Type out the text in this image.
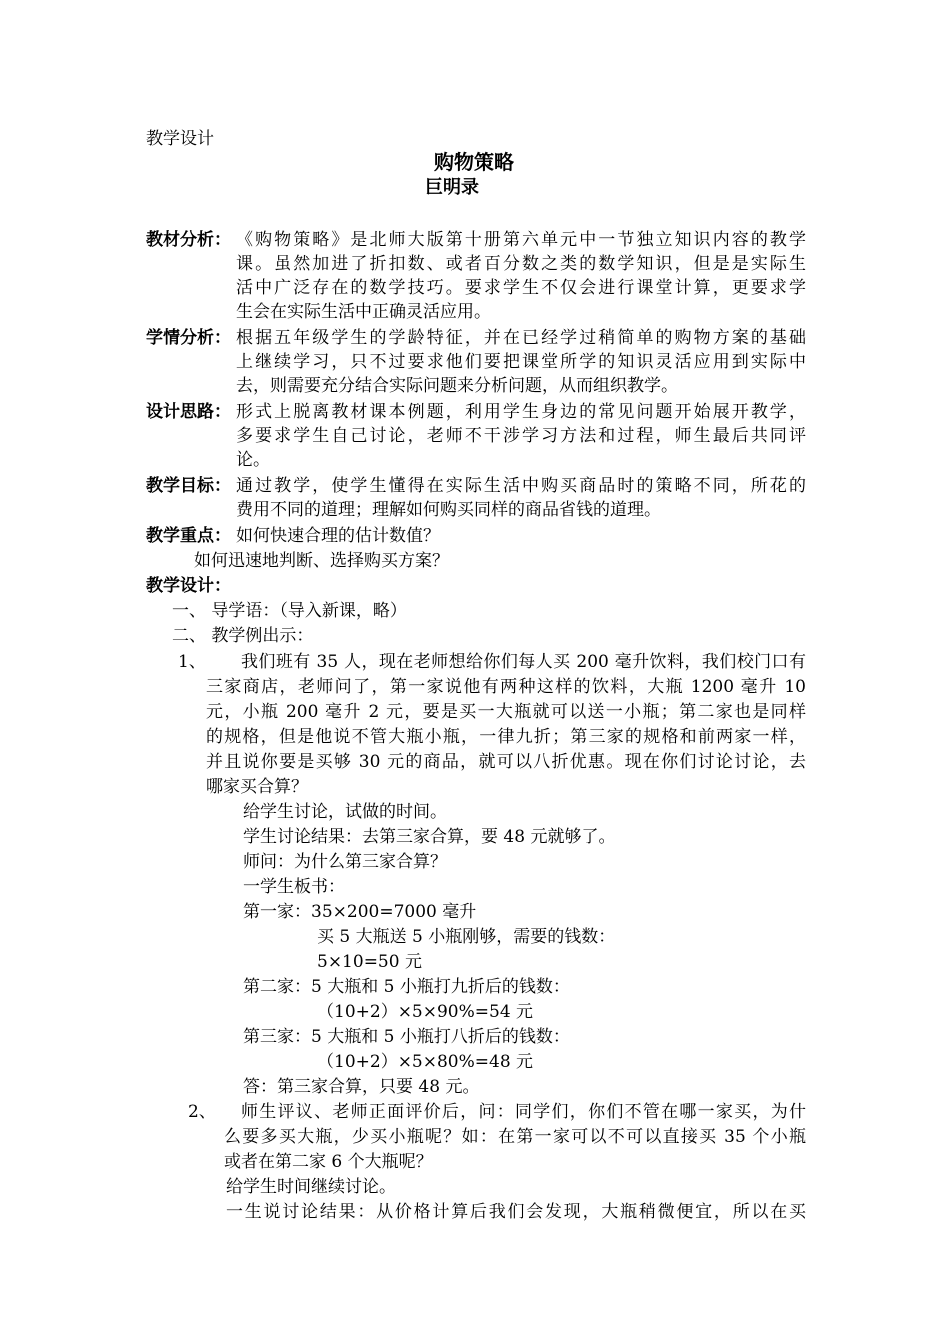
教学设计
购物策略
巨明录
教材分析： 《购物策略》是北师大版第十册第六单元中一节独立知识内容的教学
课。虽然加进了折扣数、或者百分数之类的数学知识，但是是实际生
活中广泛存在的数学技巧。要求学生不仅会进行课堂计算，更要求学
生会在实际生活中正确灵活应用。
学情分析： 根据五年级学生的学龄特征，并在已经学过稍简单的购物方案的基础
上继续学习，只不过要求他们要把课堂所学的知识灵活应用到实际中
去，则需要充分结合实际问题来分析问题，从而组织教学。
设计思路： 形式上脱离教材课本例题，利用学生身边的常见问题开始展开教学，
多要求学生自己讨论，老师不干涉学习方法和过程，师生最后共同评
论。
教学目标： 通过教学，使学生懂得在实际生活中购买商品时的策略不同，所花的
费用不同的道理；理解如何购买同样的商品省钱的道理。
教学重点： 如何快速合理的估计数值？
如何迅速地判断、选择购买方案？
教学设计：
一、 导学语：（导入新课，略）
二、 教学例出示：
1、 我们班有 35 人，现在老师想给你们每人买 200 毫升饮料，我们校门口有
三家商店，老师问了，第一家说他有两种这样的饮料，大瓶 1200 毫升 10
元，小瓶 200 毫升 2 元，要是买一大瓶就可以送一小瓶；第二家也是同样
的规格，但是他说不管大瓶小瓶，一律九折；第三家的规格和前两家一样，
并且说你要是买够 30 元的商品，就可以八折优惠。现在你们讨论讨论，去
哪家买合算？
给学生讨论，试做的时间。
学生讨论结果：去第三家合算，要 48 元就够了。
师问：为什么第三家合算？
一学生板书：
第一家：35×200=7000 毫升
买 5 大瓶送 5 小瓶刚够，需要的钱数：
5×10=50 元
第二家：5 大瓶和 5 小瓶打九折后的钱数：
（10+2）×5×90%=54 元
第三家：5 大瓶和 5 小瓶打八折后的钱数：
（10+2）×5×80%=48 元
答：第三家合算，只要 48 元。
2、 师生评议、老师正面评价后，问：同学们，你们不管在哪一家买，为什
么要多买大瓶，少买小瓶呢？如：在第一家可以不可以直接买 35 个小瓶
或者在第二家 6 个大瓶呢？
给学生时间继续讨论。
一生说讨论结果：从价格计算后我们会发现，大瓶稍微便宜，所以在买
